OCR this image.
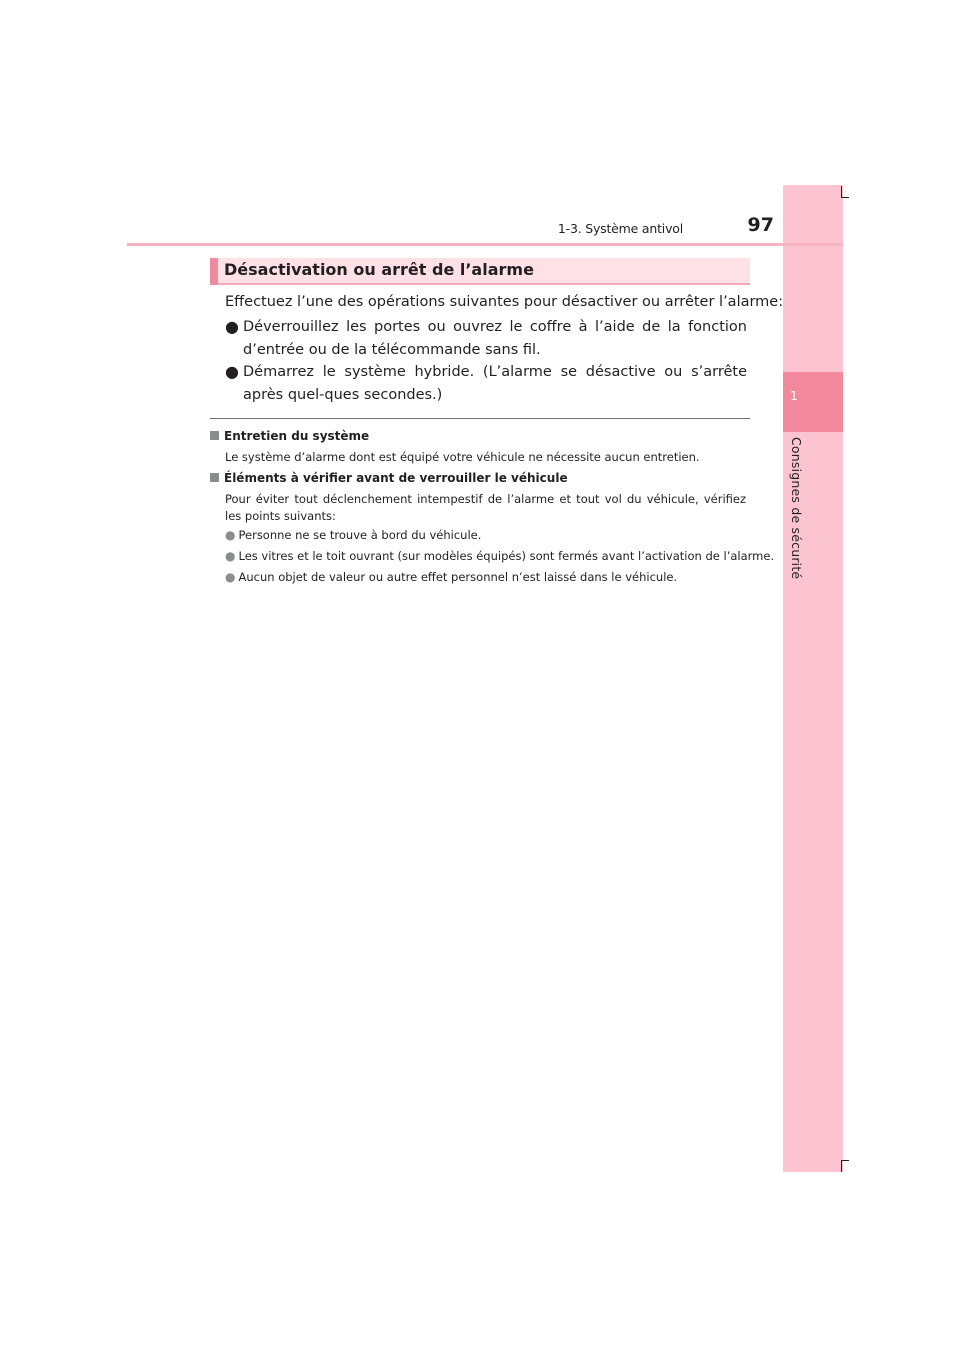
1
Consignes de sécurité
1-3. Système antivol	97
Désactivation ou arrêt de l’alarme
Effectuez l’une des opérations suivantes pour désactiver ou arrêter l’alarme:
● Déverrouillez les portes ou ouvrez le coffre à l’aide de la fonction d’entrée ou de la télécommande sans fil.
● Démarrez le système hybride. (L’alarme se désactive ou s’arrête après quel-ques secondes.)
Entretien du système
Le système d’alarme dont est équipé votre véhicule ne nécessite aucun entretien.
Éléments à vérifier avant de verrouiller le véhicule
Pour éviter tout déclenchement intempestif de l’alarme et tout vol du véhicule, vérifiez les points suivants:
● Personne ne se trouve à bord du véhicule.
● Les vitres et le toit ouvrant (sur modèles équipés) sont fermés avant l’activation de l’alarme.
● Aucun objet de valeur ou autre effet personnel n’est laissé dans le véhicule.
